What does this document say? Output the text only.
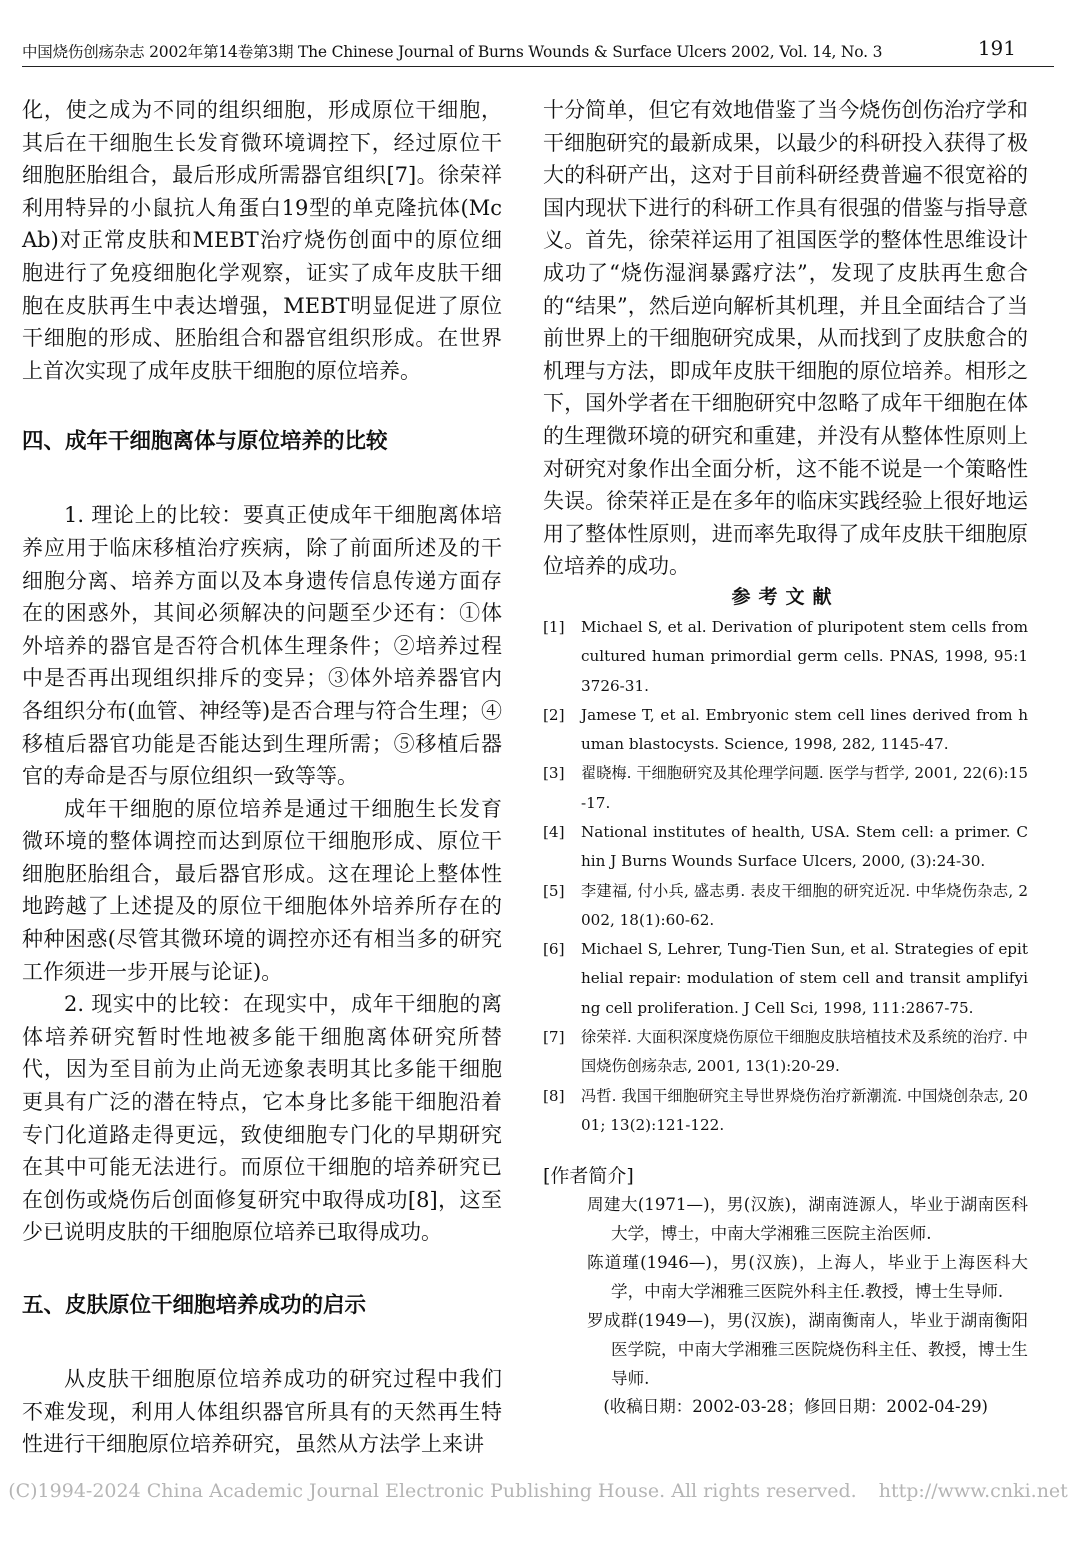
中国烧伤创疡杂志 2002年第14卷第3期 The Chinese Journal of Burns Wounds & Surface Ulcers 2002, Vol. 14, No. 3	191

化，使之成为不同的组织细胞，形成原位干细胞，其后在干细胞生长发育微环境调控下，经过原位干细胞胚胎组合，最后形成所需器官组织[7]。徐荣祥利用特异的小鼠抗人角蛋白19型的单克隆抗体(McAb)对正常皮肤和MEBT治疗烧伤创面中的原位细胞进行了免疫细胞化学观察，证实了成年皮肤干细胞在皮肤再生中表达增强，MEBT明显促进了原位干细胞的形成、胚胎组合和器官组织形成。在世界上首次实现了成年皮肤干细胞的原位培养。

四、成年干细胞离体与原位培养的比较

1. 理论上的比较：要真正使成年干细胞离体培养应用于临床移植治疗疾病，除了前面所述及的干细胞分离、培养方面以及本身遗传信息传递方面存在的困惑外，其间必须解决的问题至少还有：①体外培养的器官是否符合机体生理条件；②培养过程中是否再出现组织排斥的变异；③体外培养器官内各组织分布(血管、神经等)是否合理与符合生理；④移植后器官功能是否能达到生理所需；⑤移植后器官的寿命是否与原位组织一致等等。

成年干细胞的原位培养是通过干细胞生长发育微环境的整体调控而达到原位干细胞形成、原位干细胞胚胎组合，最后器官形成。这在理论上整体性地跨越了上述提及的原位干细胞体外培养所存在的种种困惑(尽管其微环境的调控亦还有相当多的研究工作须进一步开展与论证)。

2. 现实中的比较：在现实中，成年干细胞的离体培养研究暂时性地被多能干细胞离体研究所替代，因为至目前为止尚无迹象表明其比多能干细胞更具有广泛的潜在特点，它本身比多能干细胞沿着专门化道路走得更远，致使细胞专门化的早期研究在其中可能无法进行。而原位干细胞的培养研究已在创伤或烧伤后创面修复研究中取得成功[8]，这至少已说明皮肤的干细胞原位培养已取得成功。

五、皮肤原位干细胞培养成功的启示

从皮肤干细胞原位培养成功的研究过程中我们不难发现，利用人体组织器官所具有的天然再生特性进行干细胞原位培养研究，虽然从方法学上来讲

十分简单，但它有效地借鉴了当今烧伤创伤治疗学和干细胞研究的最新成果，以最少的科研投入获得了极大的科研产出，这对于目前科研经费普遍不很宽裕的国内现状下进行的科研工作具有很强的借鉴与指导意义。首先，徐荣祥运用了祖国医学的整体性思维设计成功了“烧伤湿润暴露疗法”，发现了皮肤再生愈合的“结果”，然后逆向解析其机理，并且全面结合了当前世界上的干细胞研究成果，从而找到了皮肤愈合的机理与方法，即成年皮肤干细胞的原位培养。相形之下，国外学者在干细胞研究中忽略了成年干细胞在体的生理微环境的研究和重建，并没有从整体性原则上对研究对象作出全面分析，这不能不说是一个策略性失误。徐荣祥正是在多年的临床实践经验上很好地运用了整体性原则，进而率先取得了成年皮肤干细胞原位培养的成功。

参考文献
[1] Michael S, et al. Derivation of pluripotent stem cells from cultured human primordial germ cells. PNAS, 1998, 95:13726-31.
[2] Jamese T, et al. Embryonic stem cell lines derived from human blastocysts. Science, 1998, 282, 1145-47.
[3] 翟晓梅. 干细胞研究及其伦理学问题. 医学与哲学, 2001, 22(6):15-17.
[4] National institutes of health, USA. Stem cell: a primer. Chin J Burns Wounds Surface Ulcers, 2000, (3):24-30.
[5] 李建福, 付小兵, 盛志勇. 表皮干细胞的研究近况. 中华烧伤杂志, 2002, 18(1):60-62.
[6] Michael S, Lehrer, Tung-Tien Sun, et al. Strategies of epithelial repair: modulation of stem cell and transit amplifying cell proliferation. J Cell Sci, 1998, 111:2867-75.
[7] 徐荣祥. 大面积深度烧伤原位干细胞皮肤培植技术及系统的治疗. 中国烧伤创疡杂志, 2001, 13(1):20-29.
[8] 冯哲. 我国干细胞研究主导世界烧伤治疗新潮流. 中国烧创杂志, 2001; 13(2):121-122.

[作者简介]

周建大(1971—)，男(汉族)，湖南涟源人，毕业于湖南医科大学，博士，中南大学湘雅三医院主治医师.
陈道瑾(1946—)，男(汉族)，上海人，毕业于上海医科大学，中南大学湘雅三医院外科主任.教授，博士生导师.
罗成群(1949—)，男(汉族)，湖南衡南人，毕业于湖南衡阳医学院，中南大学湘雅三医院烧伤科主任、教授，博士生导师.

(收稿日期：2002-03-28；修回日期：2002-04-29)

(C)1994-2024 China Academic Journal Electronic Publishing House. All rights reserved. http://www.cnki.net
